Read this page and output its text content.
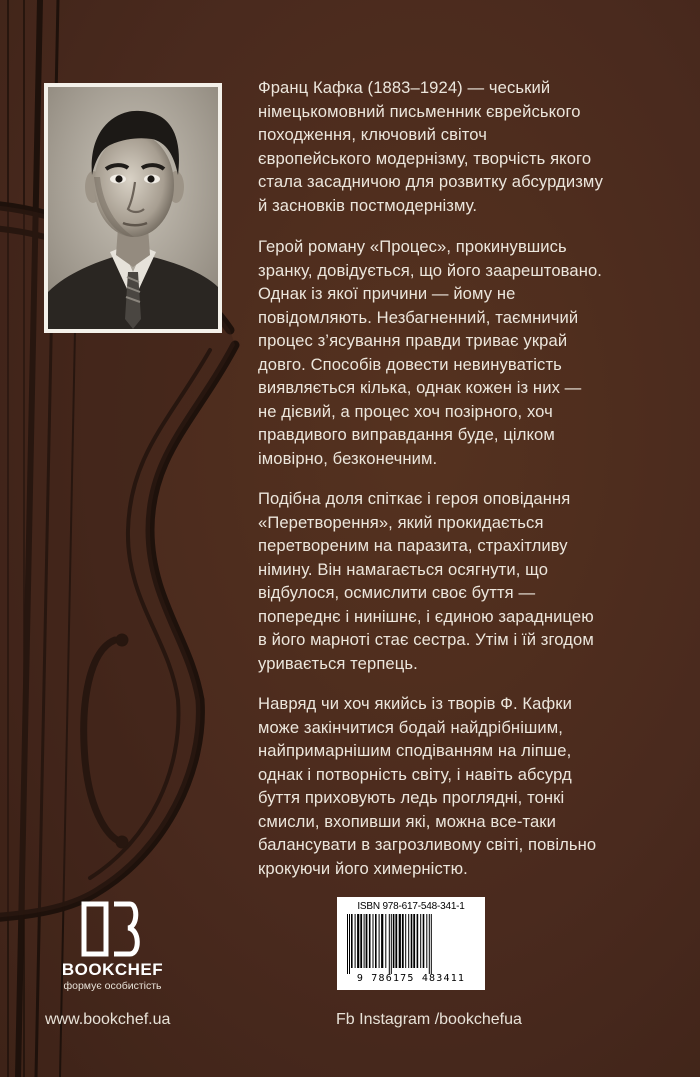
Франц Кафка (1883–1924) — чеський
німецькомовний письменник єврейського
походження, ключовий світоч
європейського модернізму, творчість якого
стала засадничою для розвитку абсурдизму
й засновків постмодернізму.

Герой роману «Процес», прокинувшись
зранку, довідується, що його заарештовано.
Однак із якої причини — йому не
повідомляють. Незбагненний, таємничий
процес з’ясування правди триває украй
довго. Способів довести невинуватість
виявляється кілька, однак кожен із них —
не дієвий, а процес хоч позірного, хоч
правдивого виправдання буде, цілком
імовірно, безконечним.

Подібна доля спіткає і героя оповідання
«Перетворення», який прокидається
перетвореним на паразита, страхітливу
німину. Він намагається осягнути, що
відбулося, осмислити своє буття —
попереднє і нинішнє, і єдиною зарадницею
в його марноті стає сестра. Утім і їй згодом
уривається терпець.

Навряд чи хоч якийсь із творів Ф. Кафки
може закінчитися бодай найдрібнішим,
найпримарнішим сподіванням на ліпше,
однак і потворність світу, і навіть абсурд
буття приховують ледь проглядні, тонкі
смисли, вхопивши які, можна все-таки
балансувати в загрозливому світі, повільно
крокуючи його химерністю.

BOOKCHEF
формує особистість
www.bookchef.ua	Fb Instagram /bookchefua
ISBN 978-617-548-341-1
9 786175 483411
